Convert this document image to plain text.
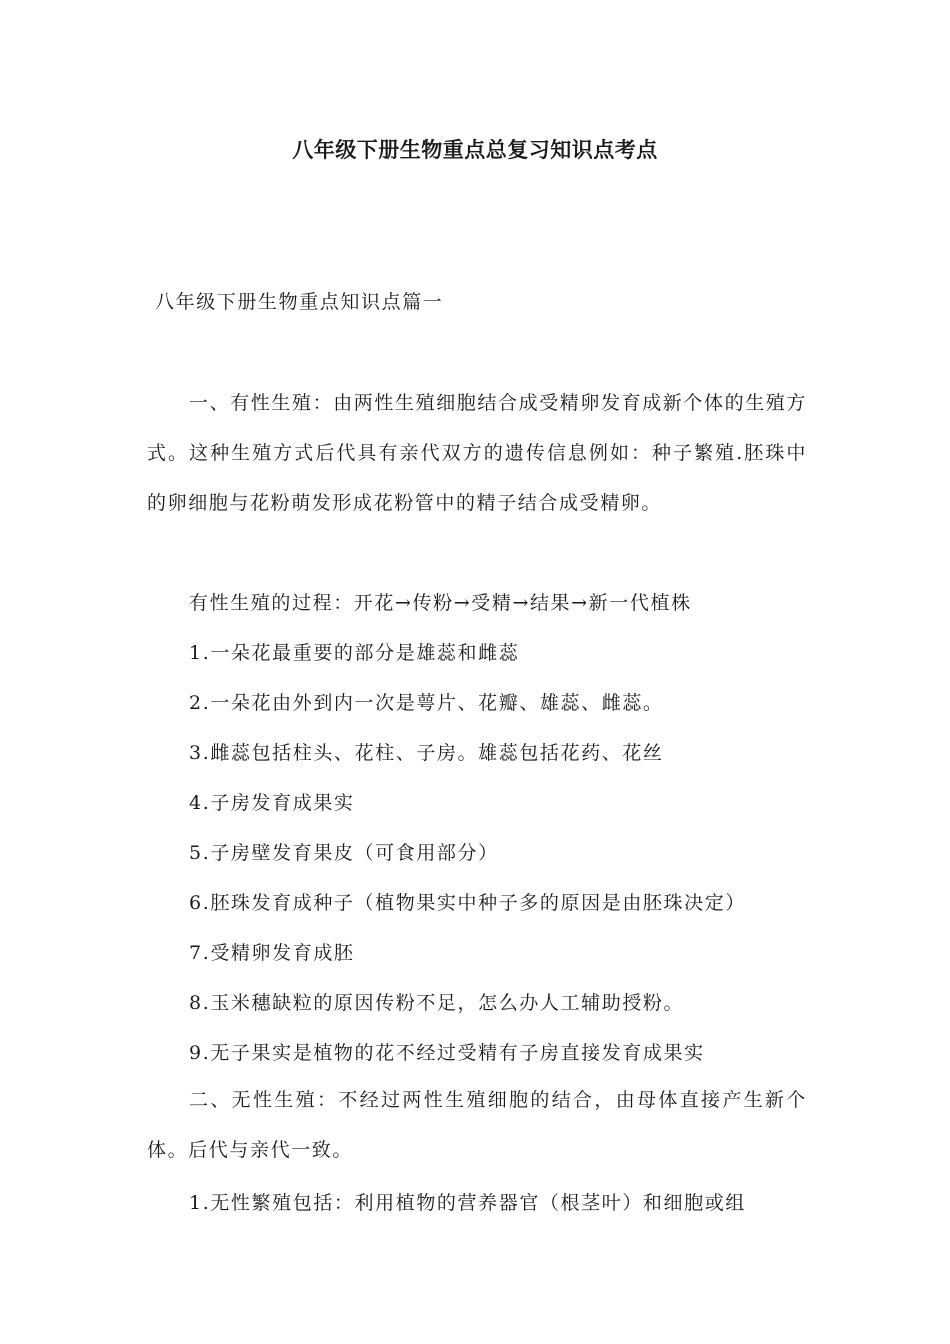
八年级下册生物重点总复习知识点考点
八年级下册生物重点知识点篇一

一、有性生殖：由两性生殖细胞结合成受精卵发育成新个体的生殖方式。这种生殖方式后代具有亲代双方的遗传信息例如：种子繁殖.胚珠中的卵细胞与花粉萌发形成花粉管中的精子结合成受精卵。

有性生殖的过程：开花→传粉→受精→结果→新一代植株
1.一朵花最重要的部分是雄蕊和雌蕊
2.一朵花由外到内一次是萼片、花瓣、雄蕊、雌蕊。
3.雌蕊包括柱头、花柱、子房。雄蕊包括花药、花丝
4.子房发育成果实
5.子房壁发育果皮（可食用部分）
6.胚珠发育成种子（植物果实中种子多的原因是由胚珠决定）
7.受精卵发育成胚
8.玉米穗缺粒的原因传粉不足，怎么办人工辅助授粉。
9.无子果实是植物的花不经过受精有子房直接发育成果实

二、无性生殖：不经过两性生殖细胞的结合，由母体直接产生新个体。后代与亲代一致。

1.无性繁殖包括：利用植物的营养器官（根茎叶）和细胞或组
